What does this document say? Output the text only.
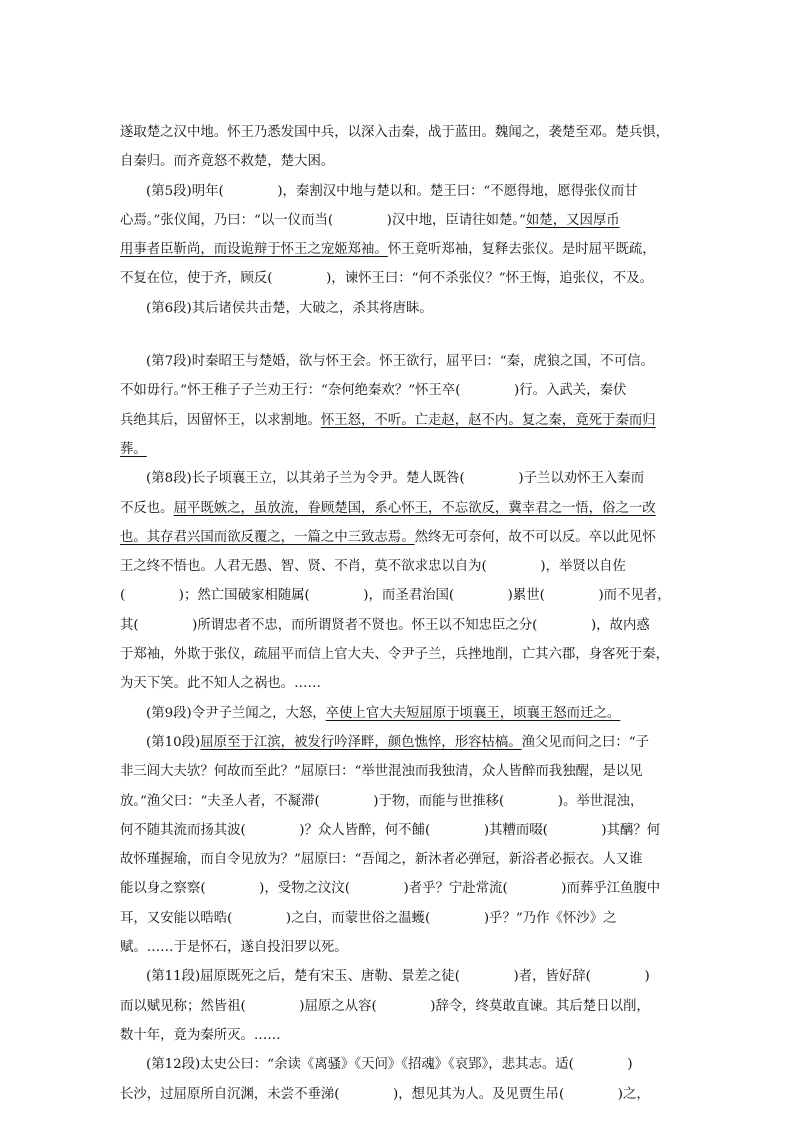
遂取楚之汉中地。怀王乃悉发国中兵，以深入击秦，战于蓝田。魏闻之，袭楚至邓。楚兵惧，
自秦归。而齐竟怒不救楚，楚大困。
(第5段)明年(　　　　)，秦割汉中地与楚以和。楚王曰：“不愿得地，愿得张仪而甘
心焉。”张仪闻，乃曰：“以一仪而当(　　　　)汉中地，臣请往如楚。”如楚，又因厚币
用事者臣靳尚，而设诡辩于怀王之宠姬郑袖。怀王竟听郑袖，复释去张仪。是时屈平既疏，
不复在位，使于齐，顾反(　　　　)，谏怀王曰：“何不杀张仪？”怀王悔，追张仪，不及。
(第6段)其后诸侯共击楚，大破之，杀其将唐眛。
(第7段)时秦昭王与楚婚，欲与怀王会。怀王欲行，屈平曰：“秦，虎狼之国，不可信。
不如毋行。”怀王稚子子兰劝王行：“奈何绝秦欢？”怀王卒(　　　　)行。入武关，秦伏
兵绝其后，因留怀王，以求割地。怀王怒，不听。亡走赵，赵不内。复之秦，竟死于秦而归
葬。
(第8段)长子顷襄王立，以其弟子兰为令尹。楚人既咎(　　　　)子兰以劝怀王入秦而
不反也。屈平既嫉之，虽放流，眷顾楚国，系心怀王，不忘欲反，冀幸君之一悟，俗之一改
也。其存君兴国而欲反覆之，一篇之中三致志焉。然终无可奈何，故不可以反。卒以此见怀
王之终不悟也。人君无愚、智、贤、不肖，莫不欲求忠以自为(　　　　)，举贤以自佐
(　　　　)；然亡国破家相随属(　　　　)，而圣君治国(　　　　)累世(　　　　)而不见者，
其(　　　　)所谓忠者不忠，而所谓贤者不贤也。怀王以不知忠臣之分(　　　　)，故内惑
于郑袖，外欺于张仪，疏屈平而信上官大夫、令尹子兰，兵挫地削，亡其六郡，身客死于秦，
为天下笑。此不知人之祸也。……
(第9段)令尹子兰闻之，大怒，卒使上官大夫短屈原于顷襄王，顷襄王怒而迁之。
(第10段)屈原至于江滨，被发行吟泽畔，颜色憔悴，形容枯槁。渔父见而问之曰：“子
非三闾大夫欤？何故而至此？”屈原曰：“举世混浊而我独清，众人皆醉而我独醒，是以见
放。”渔父曰：“夫圣人者，不凝滞(　　　　)于物，而能与世推移(　　　　)。举世混浊，
何不随其流而扬其波(　　　　)？众人皆醉，何不餔(　　　　)其糟而啜(　　　　)其醨？何
故怀瑾握瑜，而自令见放为？”屈原曰：“吾闻之，新沐者必弹冠，新浴者必振衣。人又谁
能以身之察察(　　　　)，受物之汶汶(　　　　)者乎？宁赴常流(　　　　)而葬乎江鱼腹中
耳，又安能以晧晧(　　　　)之白，而蒙世俗之温蠖(　　　　)乎？”乃作《怀沙》之
赋。……于是怀石，遂自投汨罗以死。
(第11段)屈原既死之后，楚有宋玉、唐勒、景差之徒(　　　　)者，皆好辞(　　　　)
而以赋见称；然皆祖(　　　　)屈原之从容(　　　　)辞令，终莫敢直谏。其后楚日以削，
数十年，竟为秦所灭。……
(第12段)太史公曰：“余读《离骚》《天问》《招魂》《哀郢》，悲其志。适(　　　　)
长沙，过屈原所自沉渊，未尝不垂涕(　　　　)，想见其为人。及见贾生吊(　　　　)之，
